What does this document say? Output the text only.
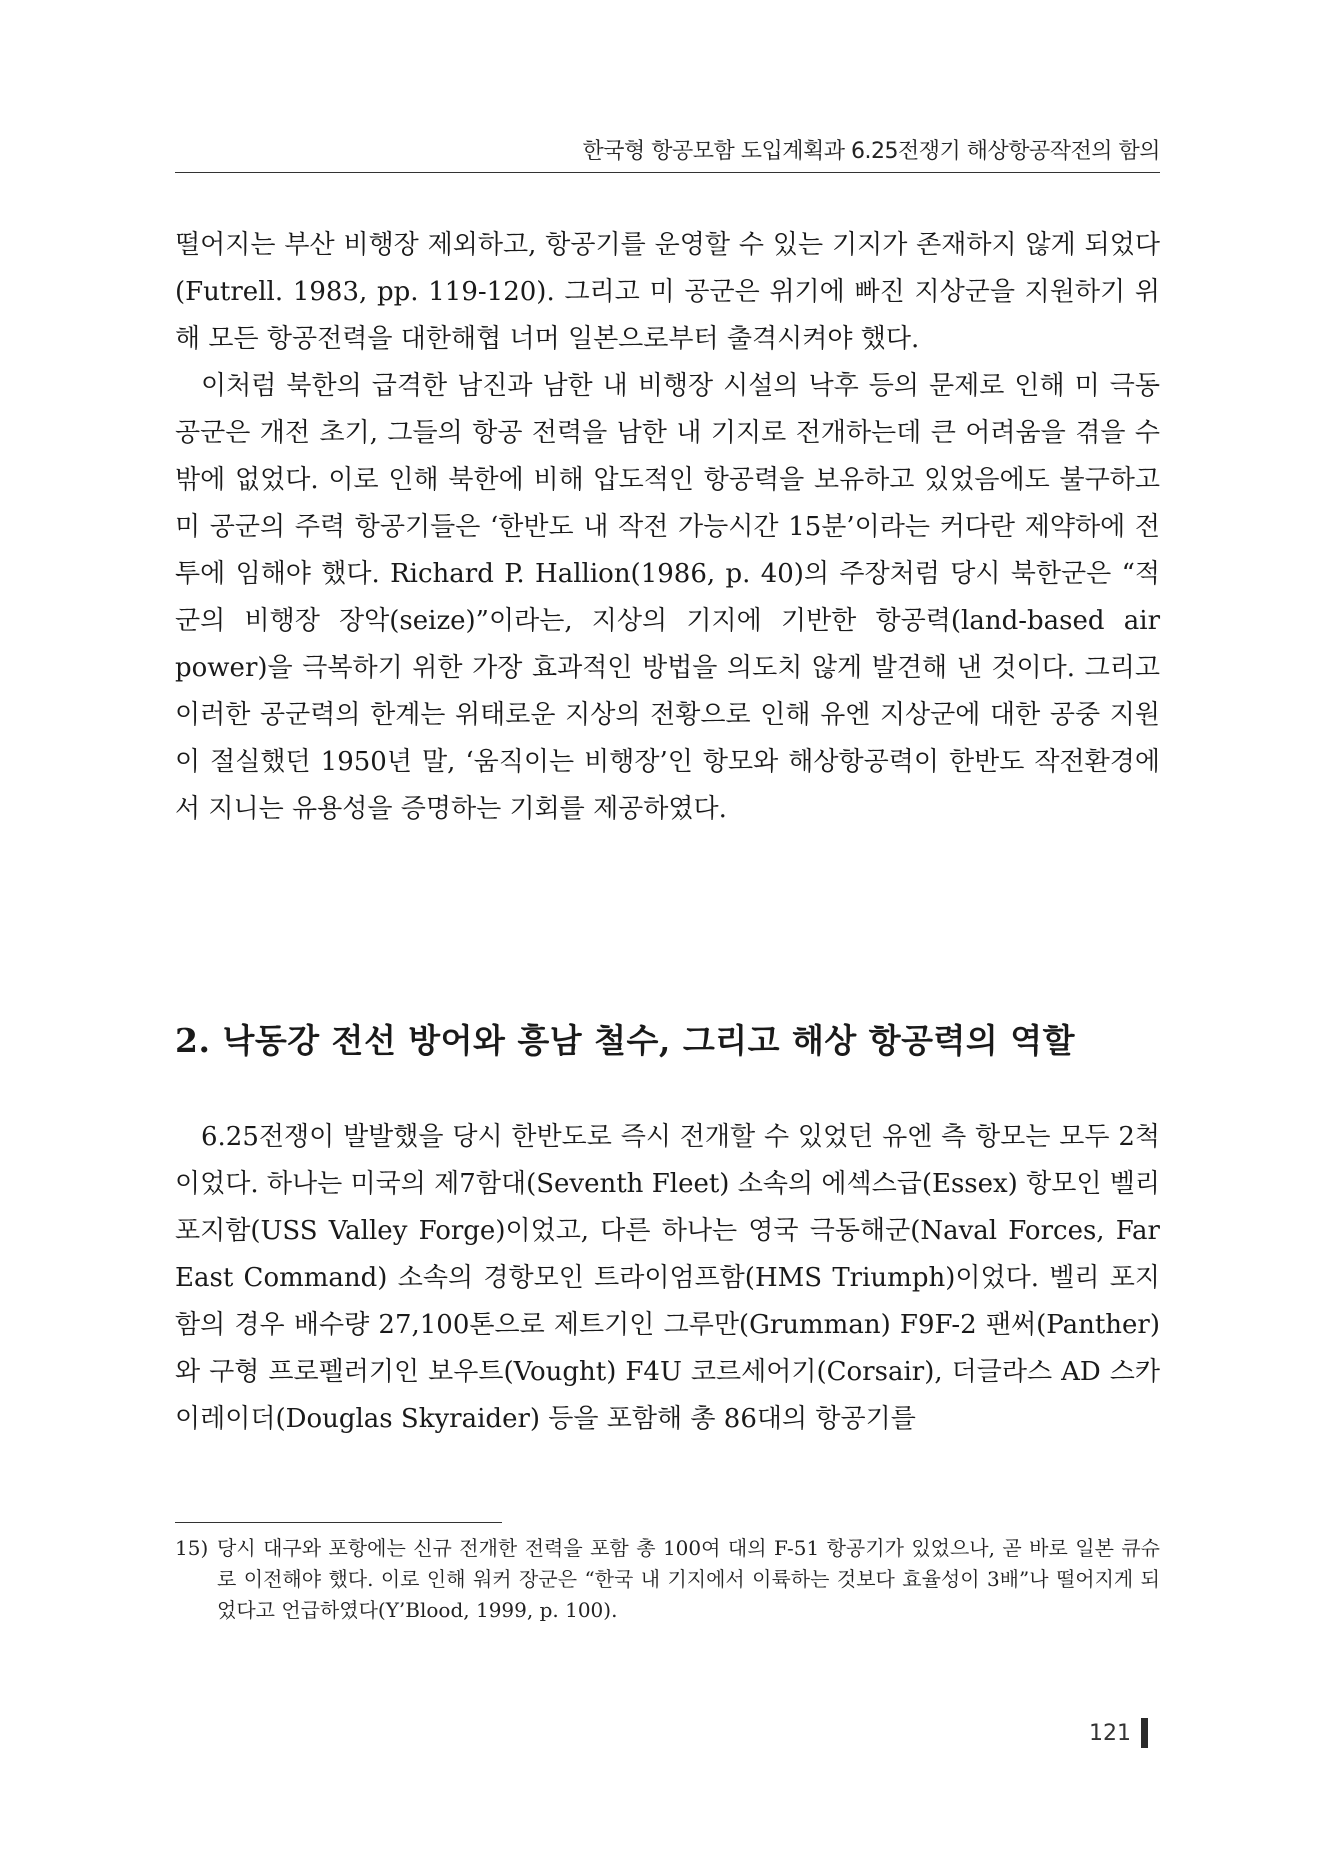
한국형 항공모함 도입계획과 6.25전쟁기 해상항공작전의 함의

떨어지는 부산 비행장 제외하고, 항공기를 운영할 수 있는 기지가 존재하지 않게 되었다(Futrell. 1983, pp. 119-120). 그리고 미 공군은 위기에 빠진 지상군을 지원하기 위해 모든 항공전력을 대한해협 너머 일본으로부터 출격시켜야 했다.

이처럼 북한의 급격한 남진과 남한 내 비행장 시설의 낙후 등의 문제로 인해 미 극동공군은 개전 초기, 그들의 항공 전력을 남한 내 기지로 전개하는데 큰 어려움을 겪을 수밖에 없었다. 이로 인해 북한에 비해 압도적인 항공력을 보유하고 있었음에도 불구하고 미 공군의 주력 항공기들은 ‘한반도 내 작전 가능시간 15분’이라는 커다란 제약하에 전투에 임해야 했다. Richard P. Hallion(1986, p. 40)의 주장처럼 당시 북한군은 “적군의 비행장 장악(seize)”이라는, 지상의 기지에 기반한 항공력(land-based air power)을 극복하기 위한 가장 효과적인 방법을 의도치 않게 발견해 낸 것이다. 그리고 이러한 공군력의 한계는 위태로운 지상의 전황으로 인해 유엔 지상군에 대한 공중 지원이 절실했던 1950년 말, ‘움직이는 비행장’인 항모와 해상항공력이 한반도 작전환경에서 지니는 유용성을 증명하는 기회를 제공하였다.

2. 낙동강 전선 방어와 흥남 철수, 그리고 해상 항공력의 역할

6.25전쟁이 발발했을 당시 한반도로 즉시 전개할 수 있었던 유엔 측 항모는 모두 2척이었다. 하나는 미국의 제7함대(Seventh Fleet) 소속의 에섹스급(Essex) 항모인 벨리 포지함(USS Valley Forge)이었고, 다른 하나는 영국 극동해군(Naval Forces, Far East Command) 소속의 경항모인 트라이엄프함(HMS Triumph)이었다. 벨리 포지함의 경우 배수량 27,100톤으로 제트기인 그루만(Grumman) F9F-2 팬써(Panther)와 구형 프로펠러기인 보우트(Vought) F4U 코르세어기(Corsair), 더글라스 AD 스카이레이더(Douglas Skyraider) 등을 포함해 총 86대의 항공기를

15) 당시 대구와 포항에는 신규 전개한 전력을 포함 총 100여 대의 F-51 항공기가 있었으나, 곧 바로 일본 큐슈로 이전해야 했다. 이로 인해 워커 장군은 “한국 내 기지에서 이륙하는 것보다 효율성이 3배”나 떨어지게 되었다고 언급하였다(Y’Blood, 1999, p. 100).
121
